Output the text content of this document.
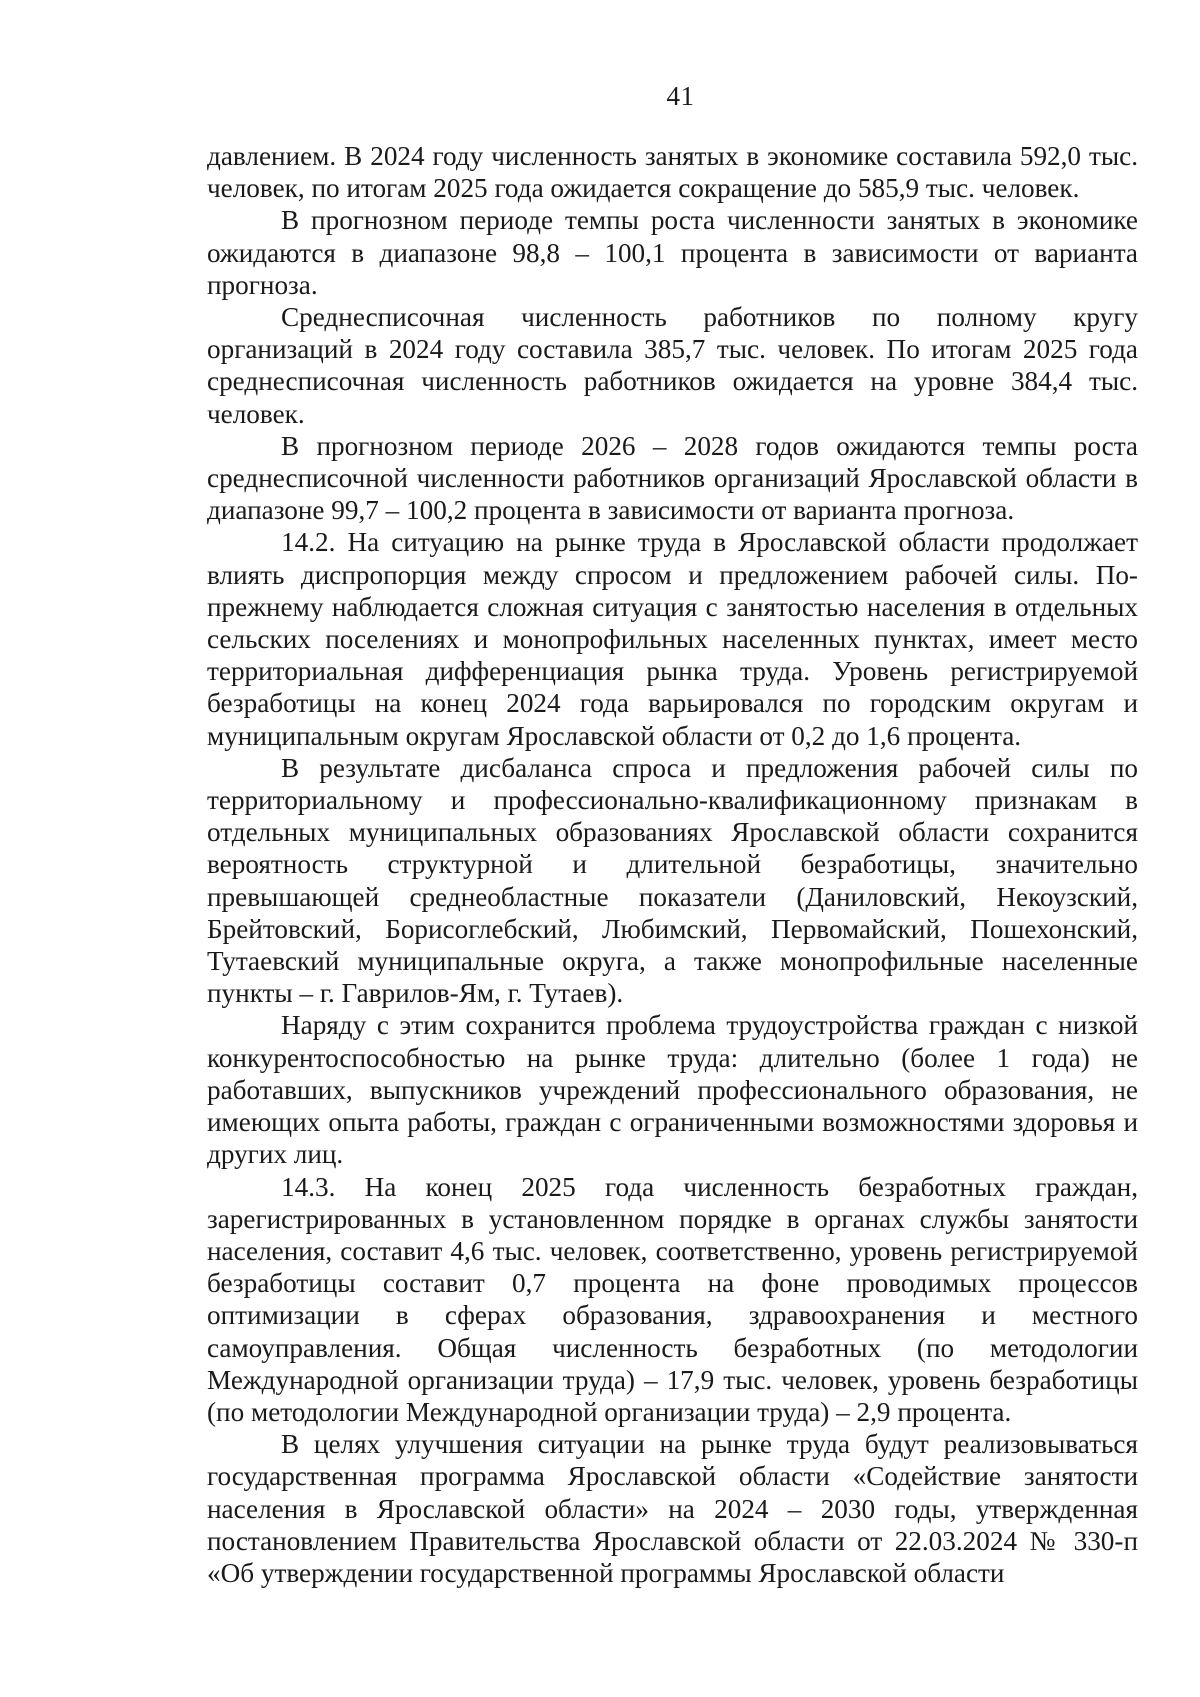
41

давлением. В 2024 году численность занятых в экономике составила 592,0 тыс. человек, по итогам 2025 года ожидается сокращение до 585,9 тыс. человек.

В прогнозном периоде темпы роста численности занятых в экономике ожидаются в диапазоне 98,8 – 100,1 процента в зависимости от варианта прогноза.

Среднесписочная численность работников по полному кругу организаций в 2024 году составила 385,7 тыс. человек. По итогам 2025 года среднесписочная численность работников ожидается на уровне 384,4 тыс. человек.

В прогнозном периоде 2026 – 2028 годов ожидаются темпы роста среднесписочной численности работников организаций Ярославской области в диапазоне 99,7 – 100,2 процента в зависимости от варианта прогноза.

14.2. На ситуацию на рынке труда в Ярославской области продолжает влиять диспропорция между спросом и предложением рабочей силы. По-прежнему наблюдается сложная ситуация с занятостью населения в отдельных сельских поселениях и монопрофильных населенных пунктах, имеет место территориальная дифференциация рынка труда. Уровень регистрируемой безработицы на конец 2024 года варьировался по городским округам и муниципальным округам Ярославской области от 0,2 до 1,6 процента.

В результате дисбаланса спроса и предложения рабочей силы по территориальному и профессионально-квалификационному признакам в отдельных муниципальных образованиях Ярославской области сохранится вероятность структурной и длительной безработицы, значительно превышающей среднеобластные показатели (Даниловский, Некоузский, Брейтовский, Борисоглебский, Любимский, Первомайский, Пошехонский, Тутаевский муниципальные округа, а также монопрофильные населенные пункты – г. Гаврилов-Ям, г. Тутаев).

Наряду с этим сохранится проблема трудоустройства граждан с низкой конкурентоспособностью на рынке труда: длительно (более 1 года) не работавших, выпускников учреждений профессионального образования, не имеющих опыта работы, граждан с ограниченными возможностями здоровья и других лиц.

14.3. На конец 2025 года численность безработных граждан, зарегистрированных в установленном порядке в органах службы занятости населения, составит 4,6 тыс. человек, соответственно, уровень регистрируемой безработицы составит 0,7 процента на фоне проводимых процессов оптимизации в сферах образования, здравоохранения и местного самоуправления. Общая численность безработных (по методологии Международной организации труда) – 17,9 тыс. человек, уровень безработицы (по методологии Международной организации труда) – 2,9 процента.

В целях улучшения ситуации на рынке труда будут реализовываться государственная программа Ярославской области «Содействие занятости населения в Ярославской области» на 2024 – 2030 годы, утвержденная постановлением Правительства Ярославской области от 22.03.2024 № 330-п «Об утверждении государственной программы Ярославской области
